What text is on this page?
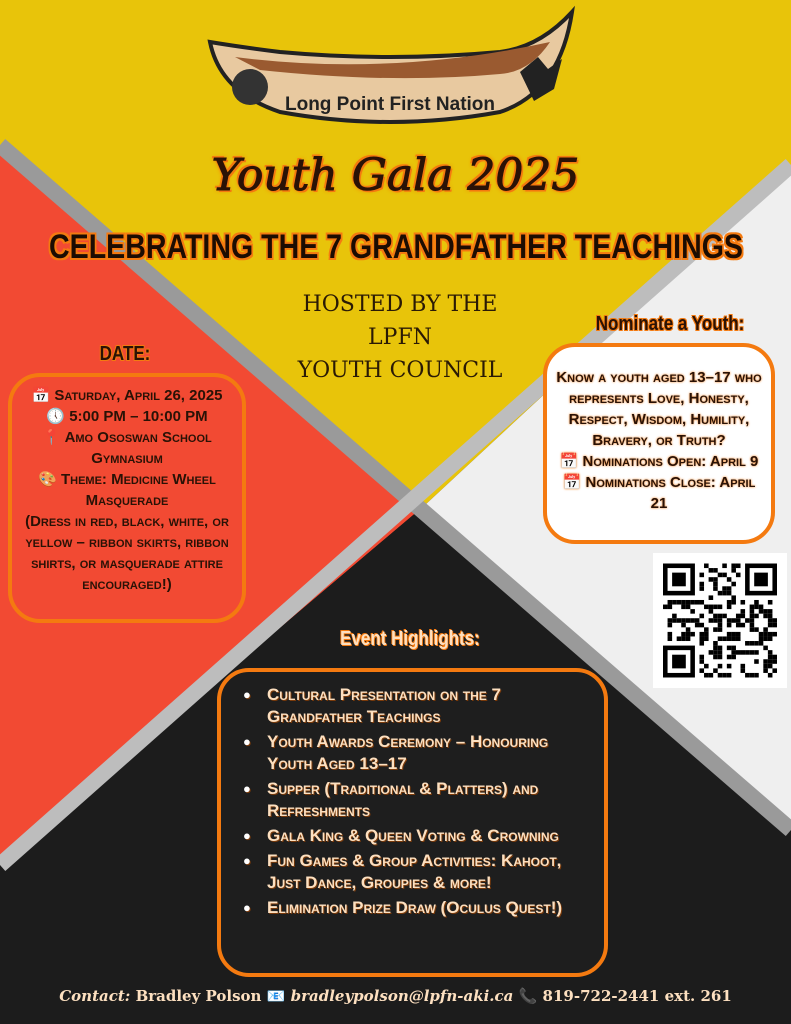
Long Point First Nation
Youth Gala 2025
CELEBRATING THE 7 GRANDFATHER TEACHINGS
HOSTED BY THE
LPFN
YOUTH COUNCIL
DATE:
📅 Saturday, April 26, 2025
🕔 5:00 PM – 10:00 PM
📍 Amo Ososwan School Gymnasium
🎨 Theme: Medicine Wheel Masquerade
(Dress in red, black, white, or yellow – ribbon skirts, ribbon shirts, or masquerade attire encouraged!)
Nominate a Youth:
Know a youth aged 13–17 who represents Love, Honesty, Respect, Wisdom, Humility, Bravery, or Truth?
📅 Nominations Open: April 9
📅 Nominations Close: April 21
Event Highlights:
● Cultural Presentation on the 7 Grandfather Teachings
● Youth Awards Ceremony – Honouring Youth Aged 13–17
● Supper (Traditional & Platters) and Refreshments
● Gala King & Queen Voting & Crowning
● Fun Games & Group Activities: Kahoot, Just Dance, Groupies & more!
● Elimination Prize Draw (Oculus Quest!)
Contact: Bradley Polson 📧 bradleypolson@lpfn-aki.ca 📞 819-722-2441 ext. 261
